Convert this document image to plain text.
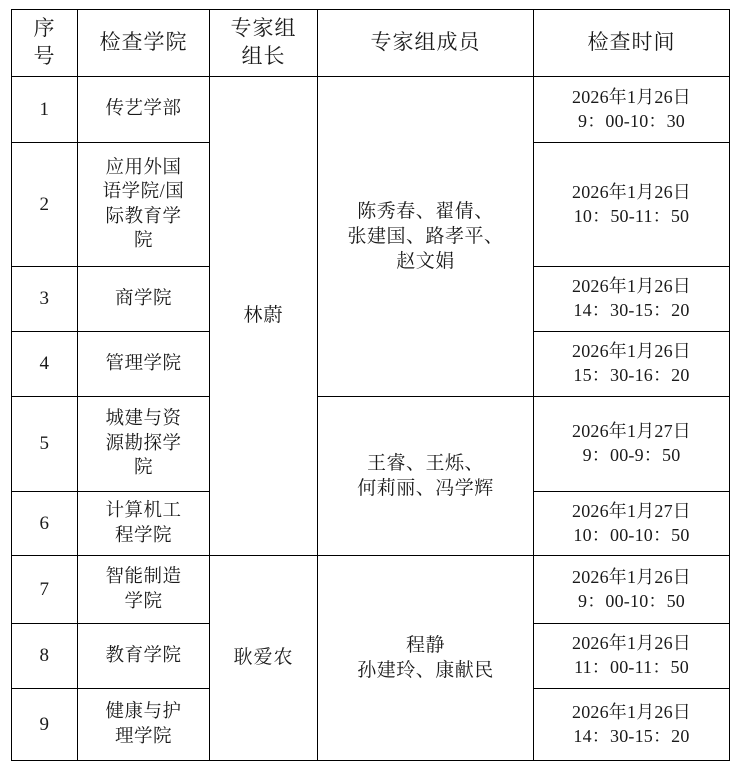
序
号	检查学院	专家组
组长	专家组成员	检查时间
1	传艺学部	林蔚	陈秀春、翟倩、
张建国、路孝平、
赵文娟	2026年1月26日
9：00-10：30

2	应用外国
语学院/国
际教育学
院			2026年1月26日
10：50-11：50

3	商学院			2026年1月26日
14：30-15：20

4	管理学院			2026年1月26日
15：30-16：20

5	城建与资
源勘探学
院		王睿、王烁、
何莉丽、冯学辉	2026年1月27日
9：00-9：50

6	计算机工
程学院			2026年1月27日
10：00-10：50

7	智能制造
学院	耿爱农	程静
孙建玲、康献民	2026年1月26日
9：00-10：50

8	教育学院			2026年1月26日
11：00-11：50

9	健康与护
理学院			2026年1月26日
14：30-15：20
